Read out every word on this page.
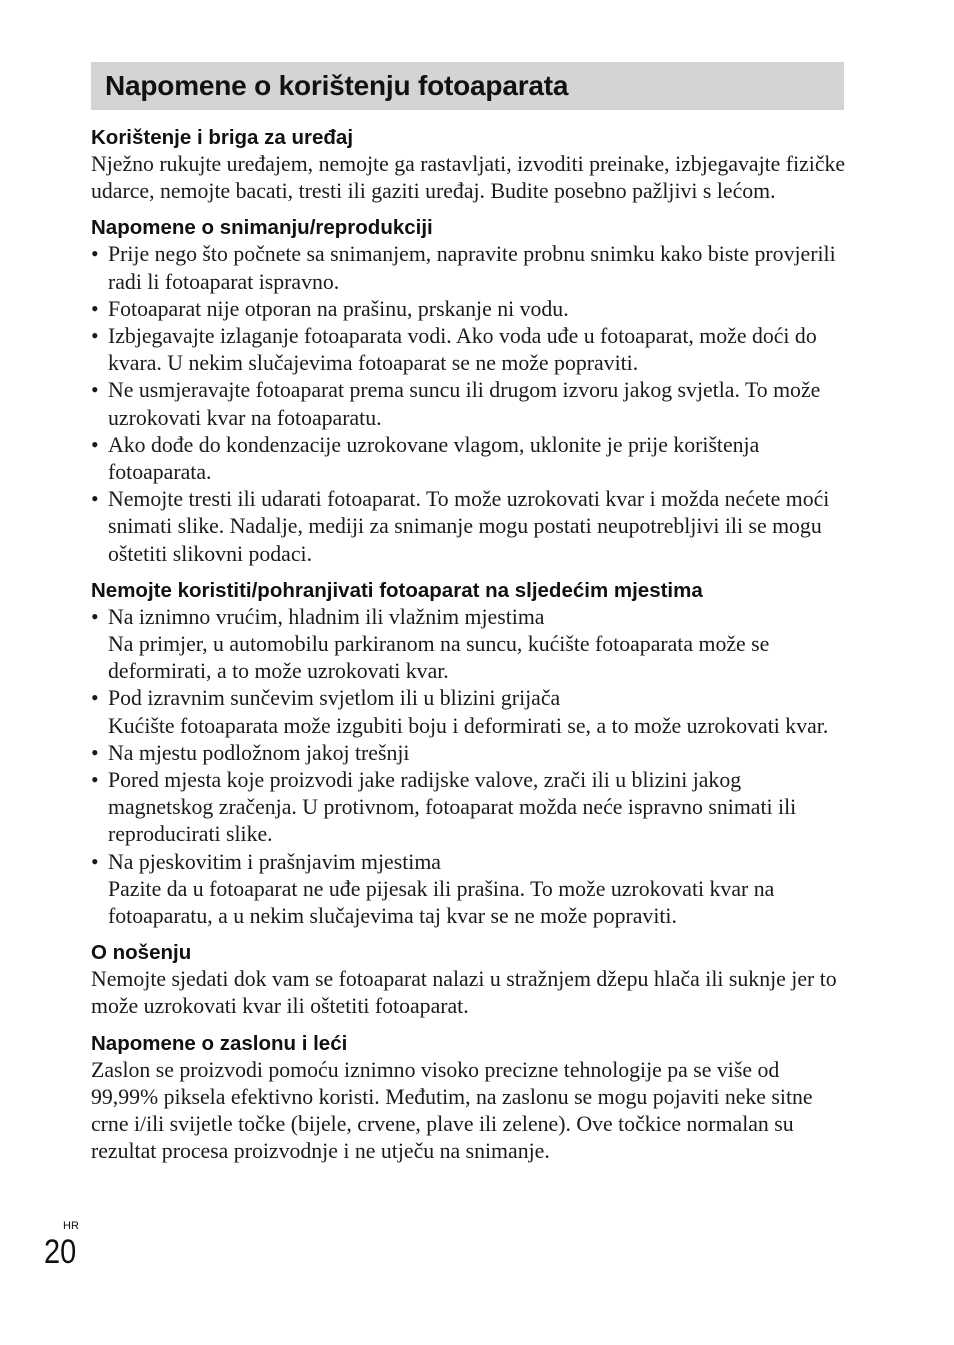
Napomene o korištenju fotoaparata
Korištenje i briga za uređaj

Nježno rukujte uređajem, nemojte ga rastavljati, izvoditi preinake, izbjegavajte fizičke udarce, nemojte bacati, tresti ili gaziti uređaj. Budite posebno pažljivi s lećom.

Napomene o snimanju/reprodukciji
• Prije nego što počnete sa snimanjem, napravite probnu snimku kako biste provjerili radi li fotoaparat ispravno.
• Fotoaparat nije otporan na prašinu, prskanje ni vodu.
• Izbjegavajte izlaganje fotoaparata vodi. Ako voda uđe u fotoaparat, može doći do kvara. U nekim slučajevima fotoaparat se ne može popraviti.
• Ne usmjeravajte fotoaparat prema suncu ili drugom izvoru jakog svjetla. To može uzrokovati kvar na fotoaparatu.
• Ako dođe do kondenzacije uzrokovane vlagom, uklonite je prije korištenja fotoaparata.
• Nemojte tresti ili udarati fotoaparat. To može uzrokovati kvar i možda nećete moći snimati slike. Nadalje, mediji za snimanje mogu postati neupotrebljivi ili se mogu oštetiti slikovni podaci.
Nemojte koristiti/pohranjivati fotoaparat na sljedećim mjestima
• Na iznimno vrućim, hladnim ili vlažnim mjestima
Na primjer, u automobilu parkiranom na suncu, kućište fotoaparata može se deformirati, a to može uzrokovati kvar.
• Pod izravnim sunčevim svjetlom ili u blizini grijača
Kućište fotoaparata može izgubiti boju i deformirati se, a to može uzrokovati kvar.
• Na mjestu podložnom jakoj trešnji
• Pored mjesta koje proizvodi jake radijske valove, zrači ili u blizini jakog magnetskog zračenja. U protivnom, fotoaparat možda neće ispravno snimati ili reproducirati slike.
• Na pjeskovitim i prašnjavim mjestima
Pazite da u fotoaparat ne uđe pijesak ili prašina. To može uzrokovati kvar na fotoaparatu, a u nekim slučajevima taj kvar se ne može popraviti.
O nošenju

Nemojte sjedati dok vam se fotoaparat nalazi u stražnjem džepu hlača ili suknje jer to može uzrokovati kvar ili oštetiti fotoaparat.

Napomene o zaslonu i leći

Zaslon se proizvodi pomoću iznimno visoko precizne tehnologije pa se više od 99,99% piksela efektivno koristi. Međutim, na zaslonu se mogu pojaviti neke sitne crne i/ili svijetle točke (bijele, crvene, plave ili zelene). Ove točkice normalan su rezultat procesa proizvodnje i ne utječu na snimanje.

HR
20
